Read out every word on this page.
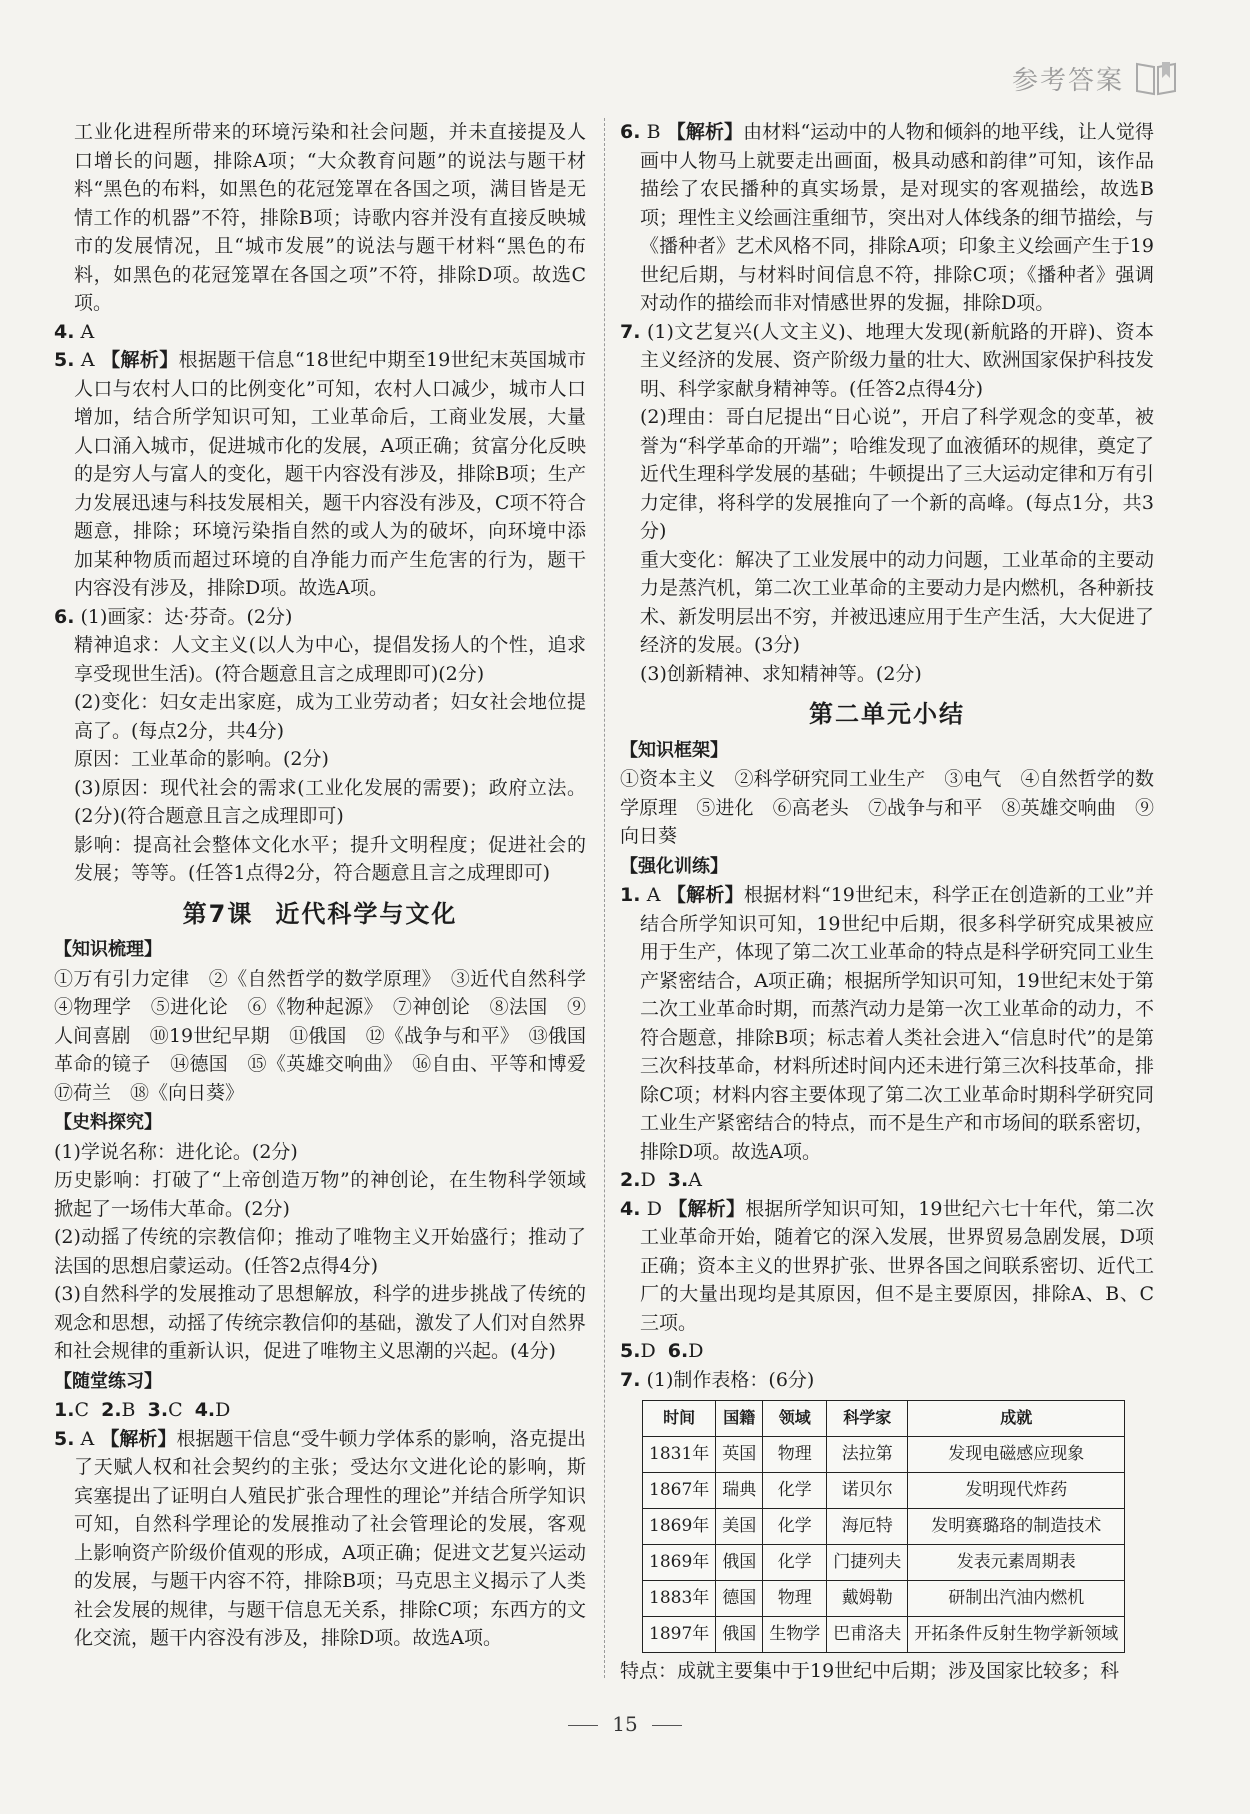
参考答案

工业化进程所带来的环境污染和社会问题，并未直接提及人口增长的问题，排除A项；“大众教育问题”的说法与题干材料“黑色的布料，如黑色的花冠笼罩在各国之项，满目皆是无情工作的机器”不符，排除B项；诗歌内容并没有直接反映城市的发展情况，且“城市发展”的说法与题干材料“黑色的布料，如黑色的花冠笼罩在各国之项”不符，排除D项。故选C项。

4. A

5. A 【解析】根据题干信息“18世纪中期至19世纪末英国城市人口与农村人口的比例变化”可知，农村人口减少，城市人口增加，结合所学知识可知，工业革命后，工商业发展，大量人口涌入城市，促进城市化的发展，A项正确；贫富分化反映的是穷人与富人的变化，题干内容没有涉及，排除B项；生产力发展迅速与科技发展相关，题干内容没有涉及，C项不符合题意，排除；环境污染指自然的或人为的破坏，向环境中添加某种物质而超过环境的自净能力而产生危害的行为，题干内容没有涉及，排除D项。故选A项。

6. (1)画家：达·芬奇。(2分)

精神追求：人文主义(以人为中心，提倡发扬人的个性，追求享受现世生活)。(符合题意且言之成理即可)(2分)

(2)变化：妇女走出家庭，成为工业劳动者；妇女社会地位提高了。(每点2分，共4分)

原因：工业革命的影响。(2分)

(3)原因：现代社会的需求(工业化发展的需要)；政府立法。(2分)(符合题意且言之成理即可)

影响：提高社会整体文化水平；提升文明程度；促进社会的发展；等等。(任答1点得2分，符合题意且言之成理即可)

第7课 近代科学与文化
【知识梳理】

①万有引力定律　②《自然哲学的数学原理》　③近代自然科学　④物理学　⑤进化论　⑥《物种起源》　⑦神创论　⑧法国　⑨人间喜剧　⑩19世纪早期　⑪俄国　⑫《战争与和平》　⑬俄国革命的镜子　⑭德国　⑮《英雄交响曲》　⑯自由、平等和博爱　⑰荷兰　⑱《向日葵》

【史料探究】

(1)学说名称：进化论。(2分)

历史影响：打破了“上帝创造万物”的神创论，在生物科学领域掀起了一场伟大革命。(2分)

(2)动摇了传统的宗教信仰；推动了唯物主义开始盛行；推动了法国的思想启蒙运动。(任答2点得4分)

(3)自然科学的发展推动了思想解放，科学的进步挑战了传统的观念和思想，动摇了传统宗教信仰的基础，激发了人们对自然界和社会规律的重新认识，促进了唯物主义思潮的兴起。(4分)

【随堂练习】

1.C 2.B 3.C 4.D

5. A 【解析】根据题干信息“受牛顿力学体系的影响，洛克提出了天赋人权和社会契约的主张；受达尔文进化论的影响，斯宾塞提出了证明白人殖民扩张合理性的理论”并结合所学知识可知，自然科学理论的发展推动了社会管理论的发展，客观上影响资产阶级价值观的形成，A项正确；促进文艺复兴运动的发展，与题干内容不符，排除B项；马克思主义揭示了人类社会发展的规律，与题干信息无关系，排除C项；东西方的文化交流，题干内容没有涉及，排除D项。故选A项。

6. B 【解析】由材料“运动中的人物和倾斜的地平线，让人觉得画中人物马上就要走出画面，极具动感和韵律”可知，该作品描绘了农民播种的真实场景，是对现实的客观描绘，故选B项；理性主义绘画注重细节，突出对人体线条的细节描绘，与《播种者》艺术风格不同，排除A项；印象主义绘画产生于19世纪后期，与材料时间信息不符，排除C项；《播种者》强调对动作的描绘而非对情感世界的发掘，排除D项。

7. (1)文艺复兴(人文主义)、地理大发现(新航路的开辟)、资本主义经济的发展、资产阶级力量的壮大、欧洲国家保护科技发明、科学家献身精神等。(任答2点得4分)

(2)理由：哥白尼提出“日心说”，开启了科学观念的变革，被誉为“科学革命的开端”；哈维发现了血液循环的规律，奠定了近代生理科学发展的基础；牛顿提出了三大运动定律和万有引力定律，将科学的发展推向了一个新的高峰。(每点1分，共3分)

重大变化：解决了工业发展中的动力问题，工业革命的主要动力是蒸汽机，第二次工业革命的主要动力是内燃机，各种新技术、新发明层出不穷，并被迅速应用于生产生活，大大促进了经济的发展。(3分)

(3)创新精神、求知精神等。(2分)

第二单元小结
【知识框架】

①资本主义　②科学研究同工业生产　③电气　④自然哲学的数学原理　⑤进化　⑥高老头　⑦战争与和平　⑧英雄交响曲　⑨向日葵

【强化训练】

1. A 【解析】根据材料“19世纪末，科学正在创造新的工业”并结合所学知识可知，19世纪中后期，很多科学研究成果被应用于生产，体现了第二次工业革命的特点是科学研究同工业生产紧密结合，A项正确；根据所学知识可知，19世纪末处于第二次工业革命时期，而蒸汽动力是第一次工业革命的动力，不符合题意，排除B项；标志着人类社会进入“信息时代”的是第三次科技革命，材料所述时间内还未进行第三次科技革命，排除C项；材料内容主要体现了第二次工业革命时期科学研究同工业生产紧密结合的特点，而不是生产和市场间的联系密切，排除D项。故选A项。

2.D 3.A

4. D 【解析】根据所学知识可知，19世纪六七十年代，第二次工业革命开始，随着它的深入发展，世界贸易急剧发展，D项正确；资本主义的世界扩张、世界各国之间联系密切、近代工厂的大量出现均是其原因，但不是主要原因，排除A、B、C三项。

5.D 6.D

7. (1)制作表格：(6分)

时间	国籍	领域	科学家	成就
1831年	英国	物理	法拉第	发现电磁感应现象
1867年	瑞典	化学	诺贝尔	发明现代炸药
1869年	美国	化学	海厄特	发明赛璐珞的制造技术
1869年	俄国	化学	门捷列夫	发表元素周期表
1883年	德国	物理	戴姆勒	研制出汽油内燃机
1897年	俄国	生物学	巴甫洛夫	开拓条件反射生物学新领域

特点：成就主要集中于19世纪中后期；涉及国家比较多；科

15
